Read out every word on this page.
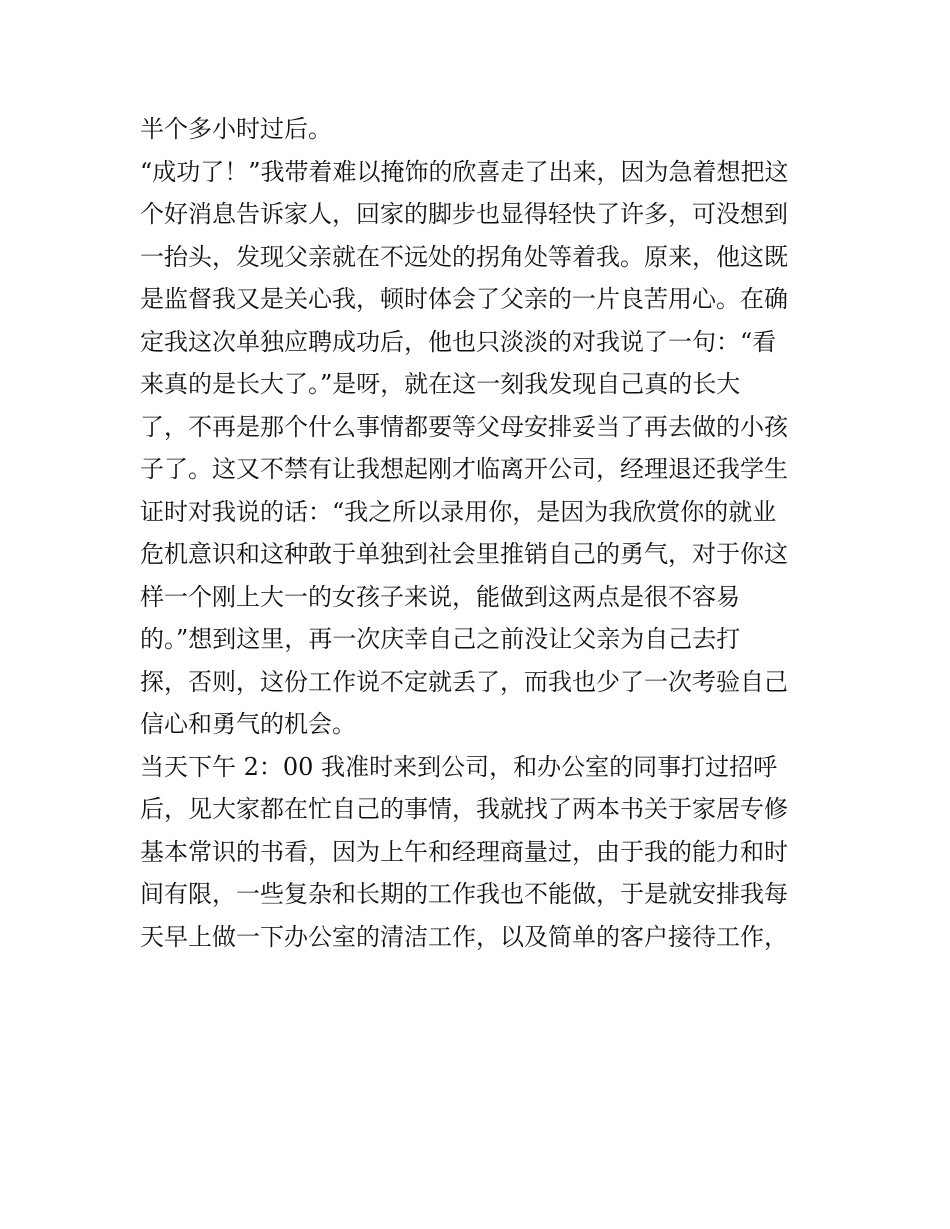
半个多小时过后。
“成功了！”我带着难以掩饰的欣喜走了出来，因为急着想把这
个好消息告诉家人，回家的脚步也显得轻快了许多，可没想到
一抬头，发现父亲就在不远处的拐角处等着我。原来，他这既
是监督我又是关心我，顿时体会了父亲的一片良苦用心。在确
定我这次单独应聘成功后，他也只淡淡的对我说了一句：“看
来真的是长大了。”是呀，就在这一刻我发现自己真的长大
了，不再是那个什么事情都要等父母安排妥当了再去做的小孩
子了。这又不禁有让我想起刚才临离开公司，经理退还我学生
证时对我说的话：“我之所以录用你，是因为我欣赏你的就业
危机意识和这种敢于单独到社会里推销自己的勇气，对于你这
样一个刚上大一的女孩子来说，能做到这两点是很不容易
的。”想到这里，再一次庆幸自己之前没让父亲为自己去打
探，否则，这份工作说不定就丢了，而我也少了一次考验自己
信心和勇气的机会。
当天下午 2：00 我准时来到公司，和办公室的同事打过招呼
后，见大家都在忙自己的事情，我就找了两本书关于家居专修
基本常识的书看，因为上午和经理商量过，由于我的能力和时
间有限，一些复杂和长期的工作我也不能做，于是就安排我每
天早上做一下办公室的清洁工作，以及简单的客户接待工作，
